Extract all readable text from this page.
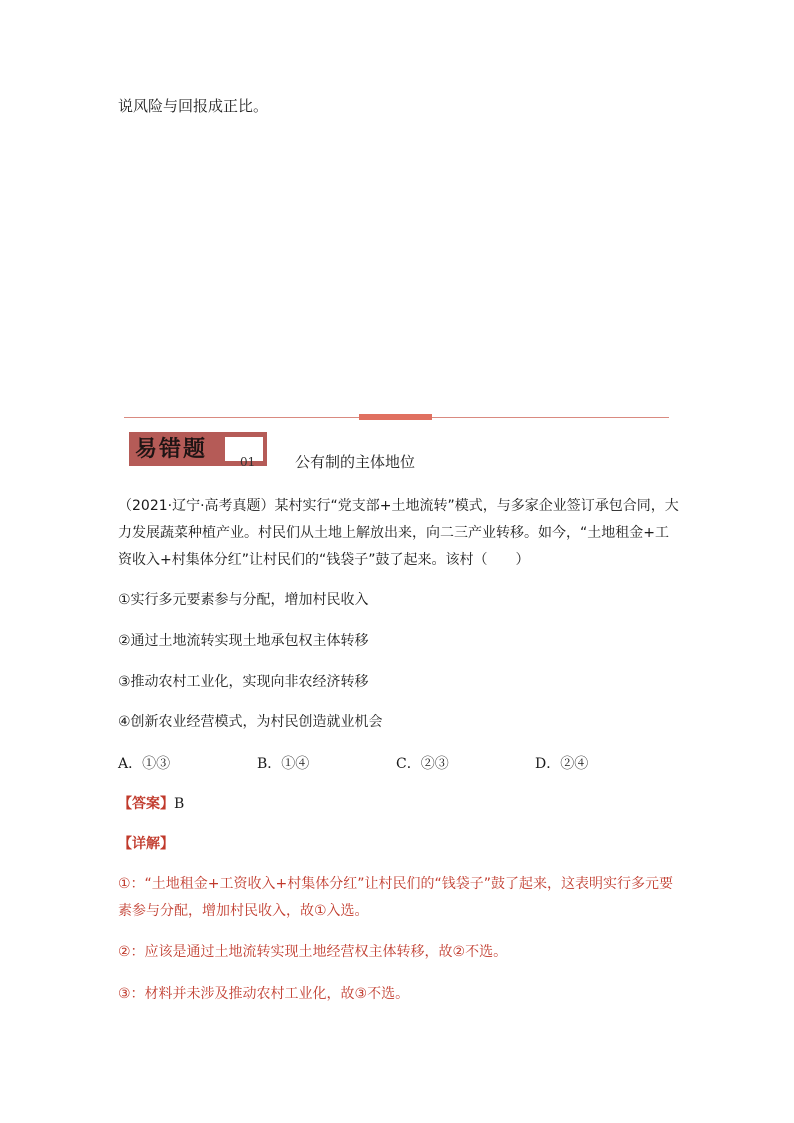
说风险与回报成正比。
易错题	01	公有制的主体地位
（2021·辽宁·高考真题）某村实行“党支部+土地流转”模式，与多家企业签订承包合同，大
力发展蔬菜种植产业。村民们从土地上解放出来，向二三产业转移。如今，“土地租金+工
资收入+村集体分红”让村民们的“钱袋子”鼓了起来。该村（　　）
①实行多元要素参与分配，增加村民收入
②通过土地流转实现土地承包权主体转移
③推动农村工业化，实现向非农经济转移
④创新农业经营模式，为村民创造就业机会
A．①③	B．①④	C．②③	D．②④
【答案】B
【详解】
①：“土地租金+工资收入+村集体分红”让村民们的“钱袋子”鼓了起来，这表明实行多元要
素参与分配，增加村民收入，故①入选。
②：应该是通过土地流转实现土地经营权主体转移，故②不选。
③：材料并未涉及推动农村工业化，故③不选。
